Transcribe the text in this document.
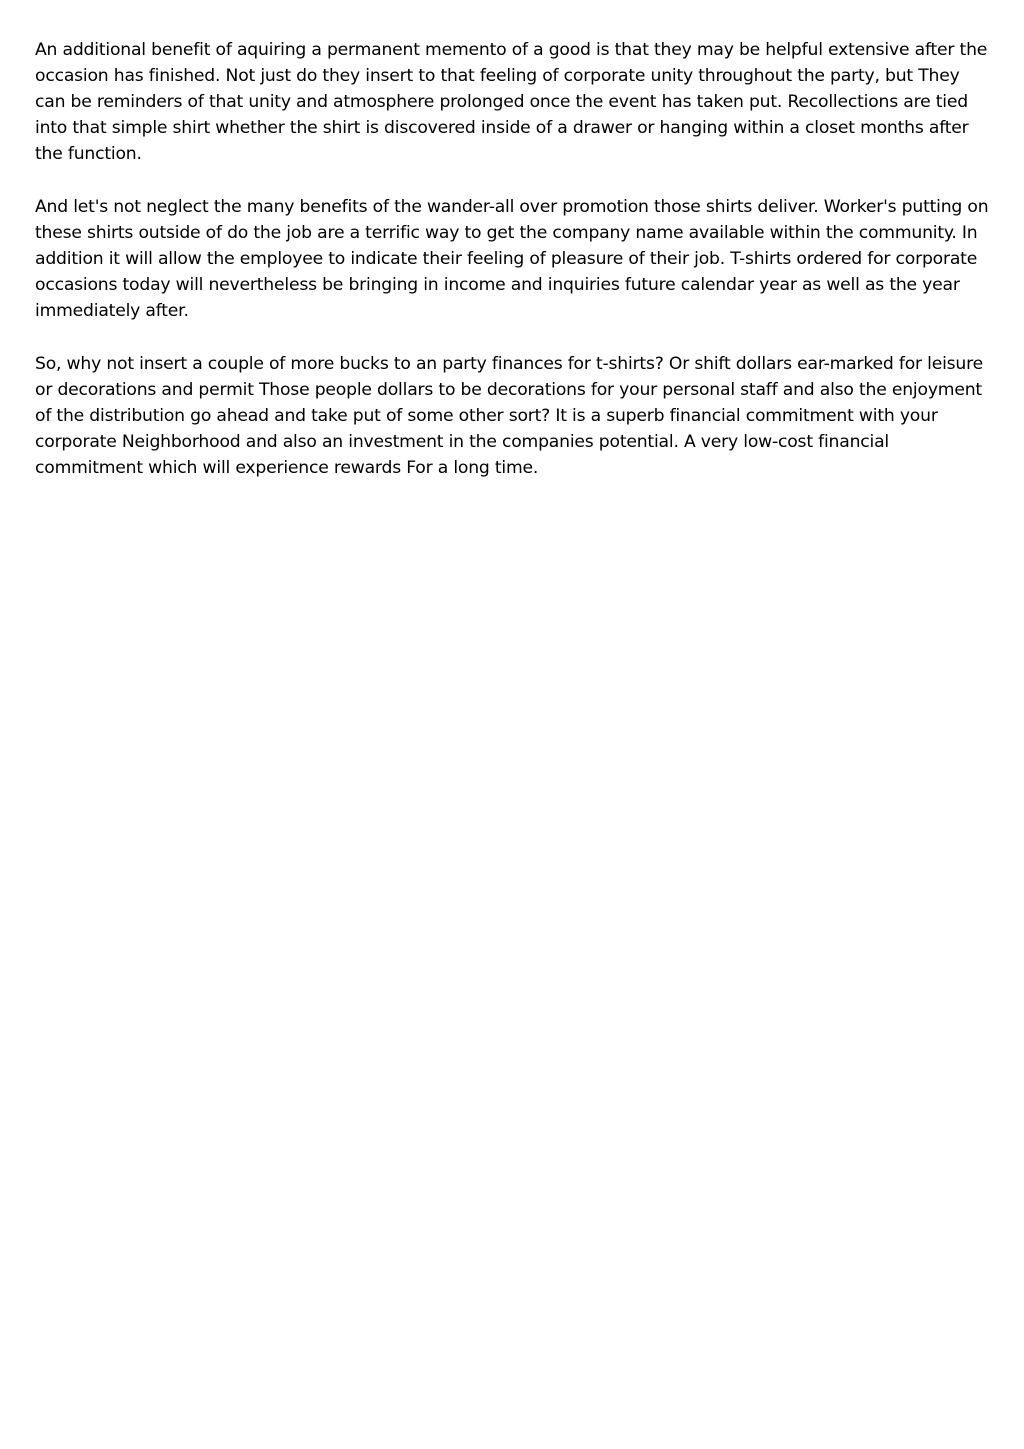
An additional benefit of aquiring a permanent memento of a good is that they may be helpful extensive after the occasion has finished. Not just do they insert to that feeling of corporate unity throughout the party, but They can be reminders of that unity and atmosphere prolonged once the event has taken put. Recollections are tied into that simple shirt whether the shirt is discovered inside of a drawer or hanging within a closet months after the function.

And let's not neglect the many benefits of the wander-all over promotion those shirts deliver. Worker's putting on these shirts outside of do the job are a terrific way to get the company name available within the community. In addition it will allow the employee to indicate their feeling of pleasure of their job. T-shirts ordered for corporate occasions today will nevertheless be bringing in income and inquiries future calendar year as well as the year immediately after.

So, why not insert a couple of more bucks to an party finances for t-shirts? Or shift dollars ear-marked for leisure or decorations and permit Those people dollars to be decorations for your personal staff and also the enjoyment of the distribution go ahead and take put of some other sort? It is a superb financial commitment with your corporate Neighborhood and also an investment in the companies potential. A very low-cost financial commitment which will experience rewards For a long time.
